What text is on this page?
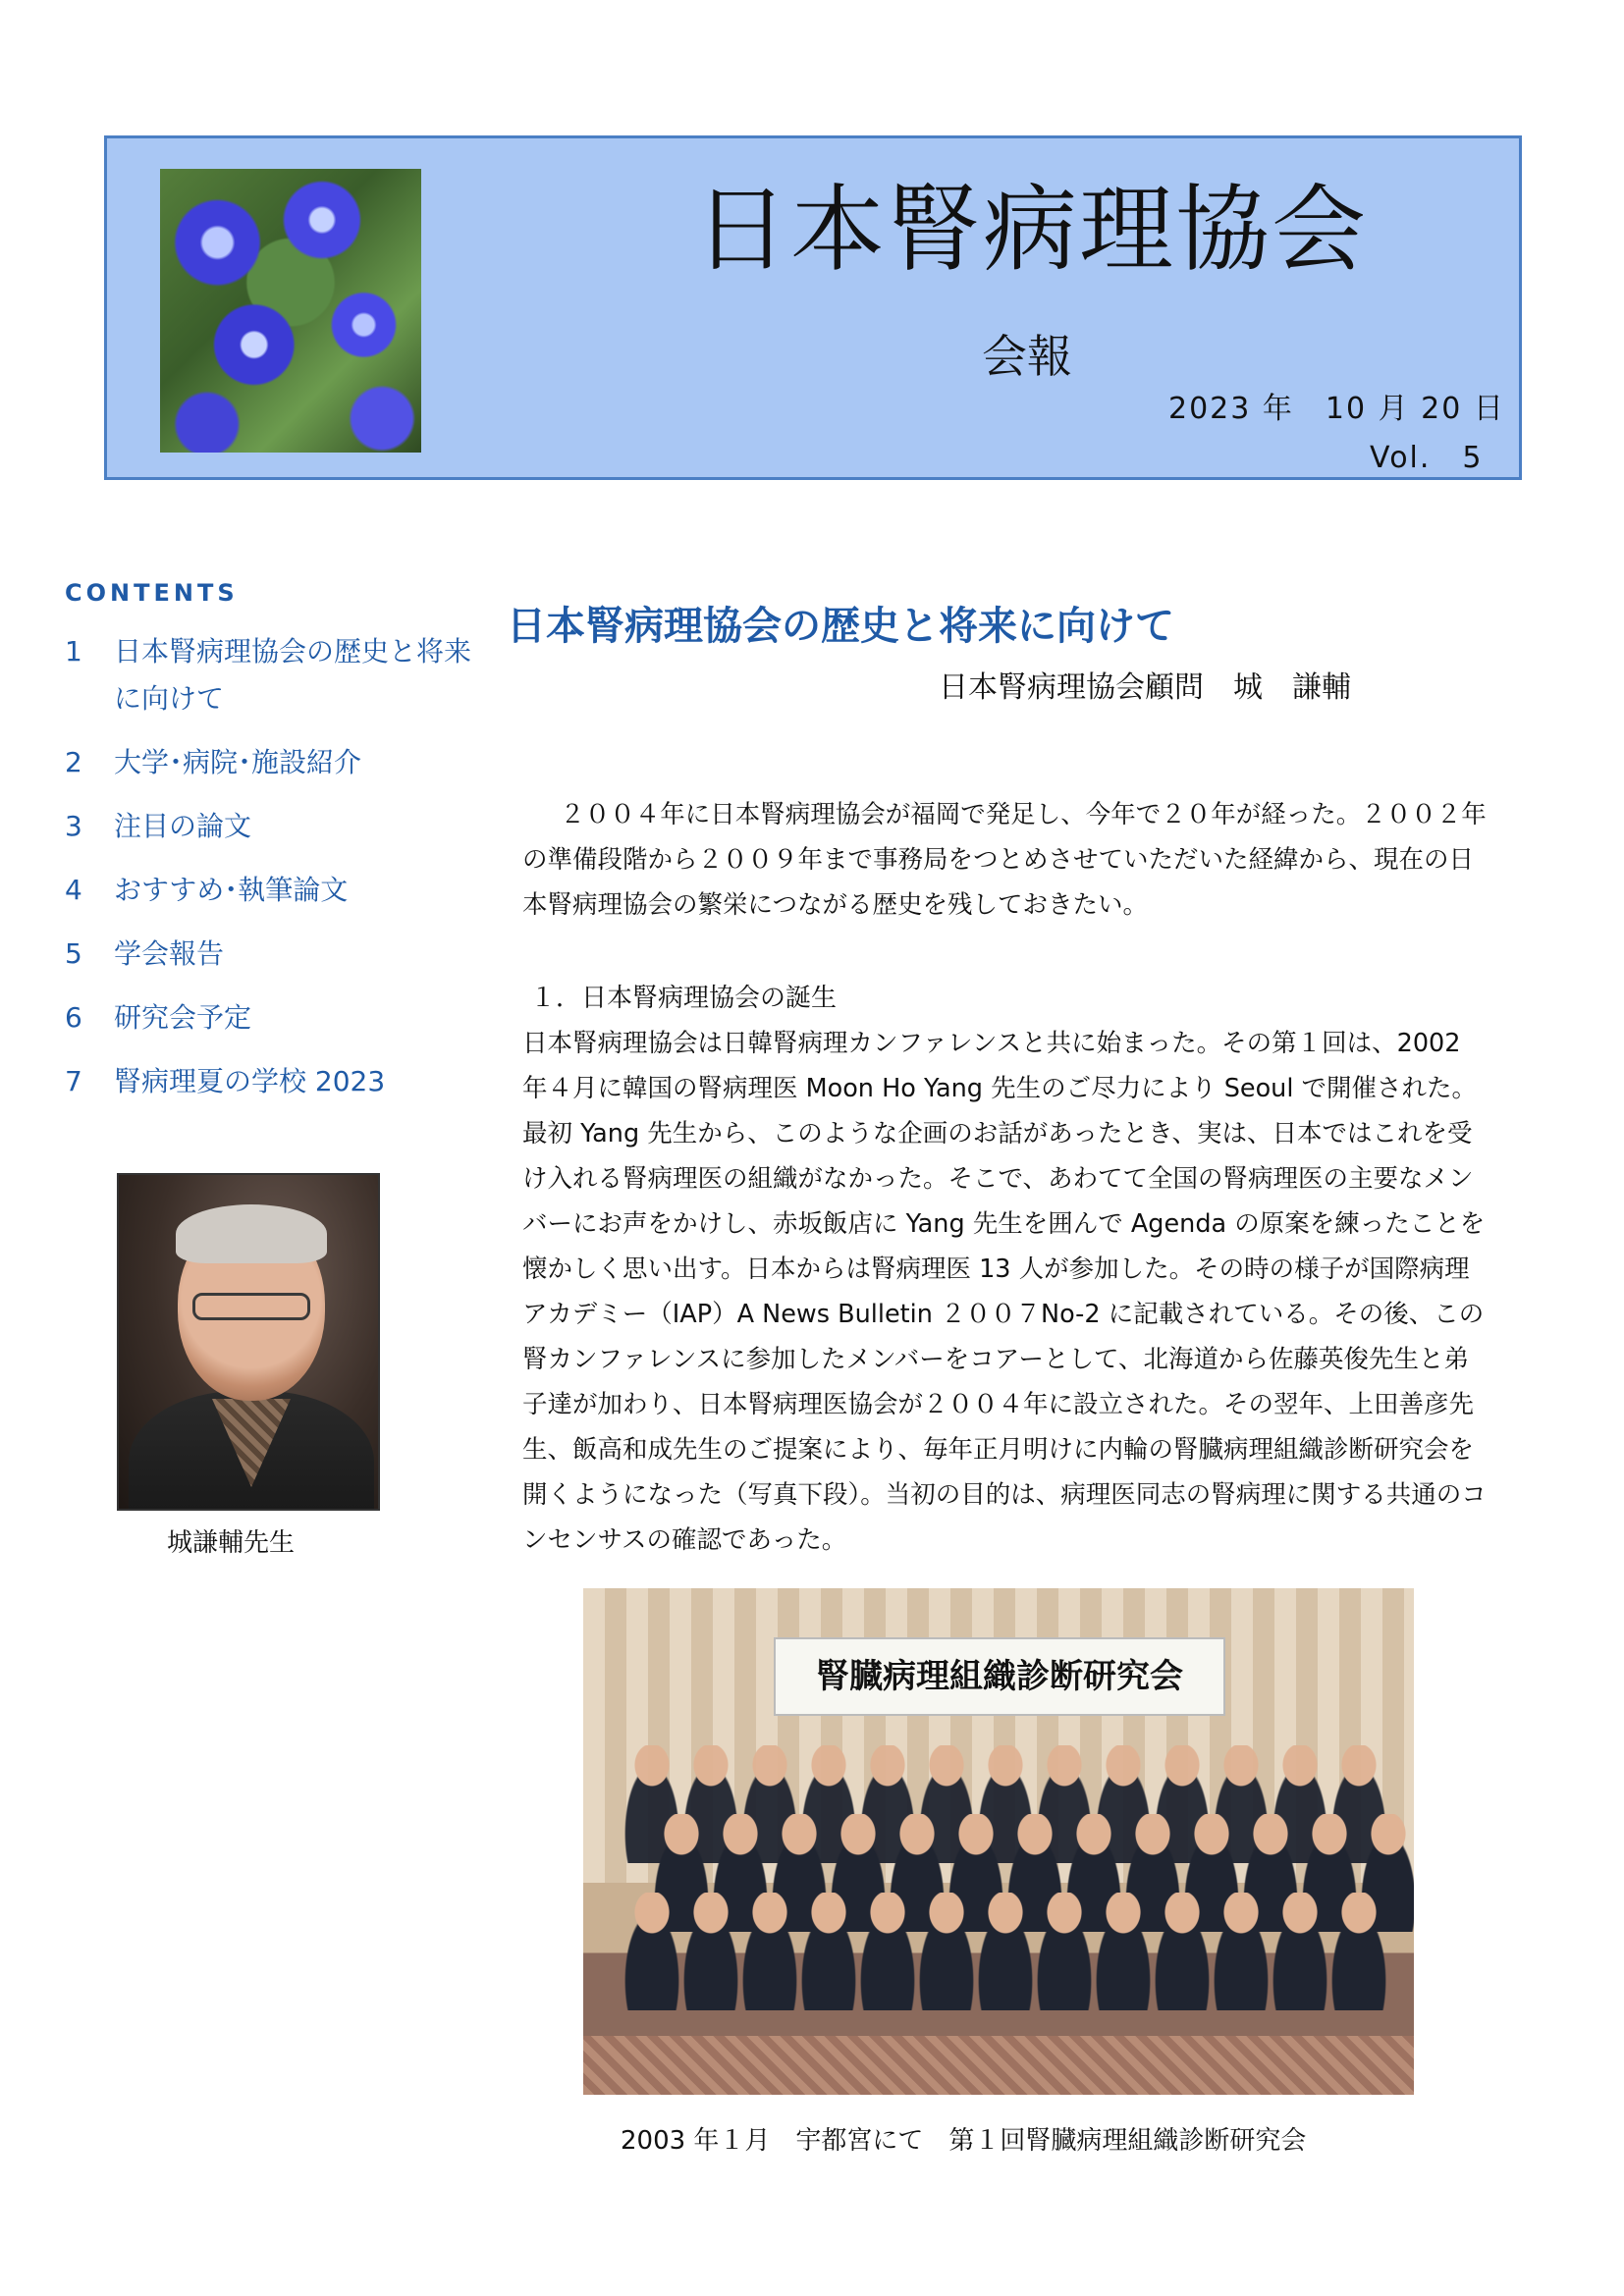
日本腎病理協会
会報
2023 年　10 月 20 日
Vol.　5
CONTENTS
1	日本腎病理協会の歴史と将来に向けて
2	大学･病院･施設紹介
3	注目の論文
4	おすすめ･執筆論文
5	学会報告
6	研究会予定
7	腎病理夏の学校 2023
城謙輔先生
日本腎病理協会の歴史と将来に向けて
日本腎病理協会顧問　城　謙輔

２００４年に日本腎病理協会が福岡で発足し、今年で２０年が経った。２００２年の準備段階から２００９年まで事務局をつとめさせていただいた経緯から、現在の日本腎病理協会の繁栄につながる歴史を残しておきたい。

１．日本腎病理協会の誕生

日本腎病理協会は日韓腎病理カンファレンスと共に始まった。その第１回は、2002 年４月に韓国の腎病理医 Moon Ho Yang 先生のご尽力により Seoul で開催された。最初 Yang 先生から、このような企画のお話があったとき、実は、日本ではこれを受け入れる腎病理医の組織がなかった。そこで、あわてて全国の腎病理医の主要なメンバーにお声をかけし、赤坂飯店に Yang 先生を囲んで Agenda の原案を練ったことを懐かしく思い出す。日本からは腎病理医 13 人が参加した。その時の様子が国際病理アカデミー（IAP）A News Bulletin ２００７No-2 に記載されている。その後、この腎カンファレンスに参加したメンバーをコアーとして、北海道から佐藤英俊先生と弟子達が加わり、日本腎病理医協会が２００４年に設立された。その翌年、上田善彦先生、飯高和成先生のご提案により、毎年正月明けに内輪の腎臓病理組織診断研究会を開くようになった（写真下段）。当初の目的は、病理医同志の腎病理に関する共通のコンセンサスの確認であった。

腎臓病理組織診断研究会
2003 年１月　宇都宮にて　第１回腎臓病理組織診断研究会
